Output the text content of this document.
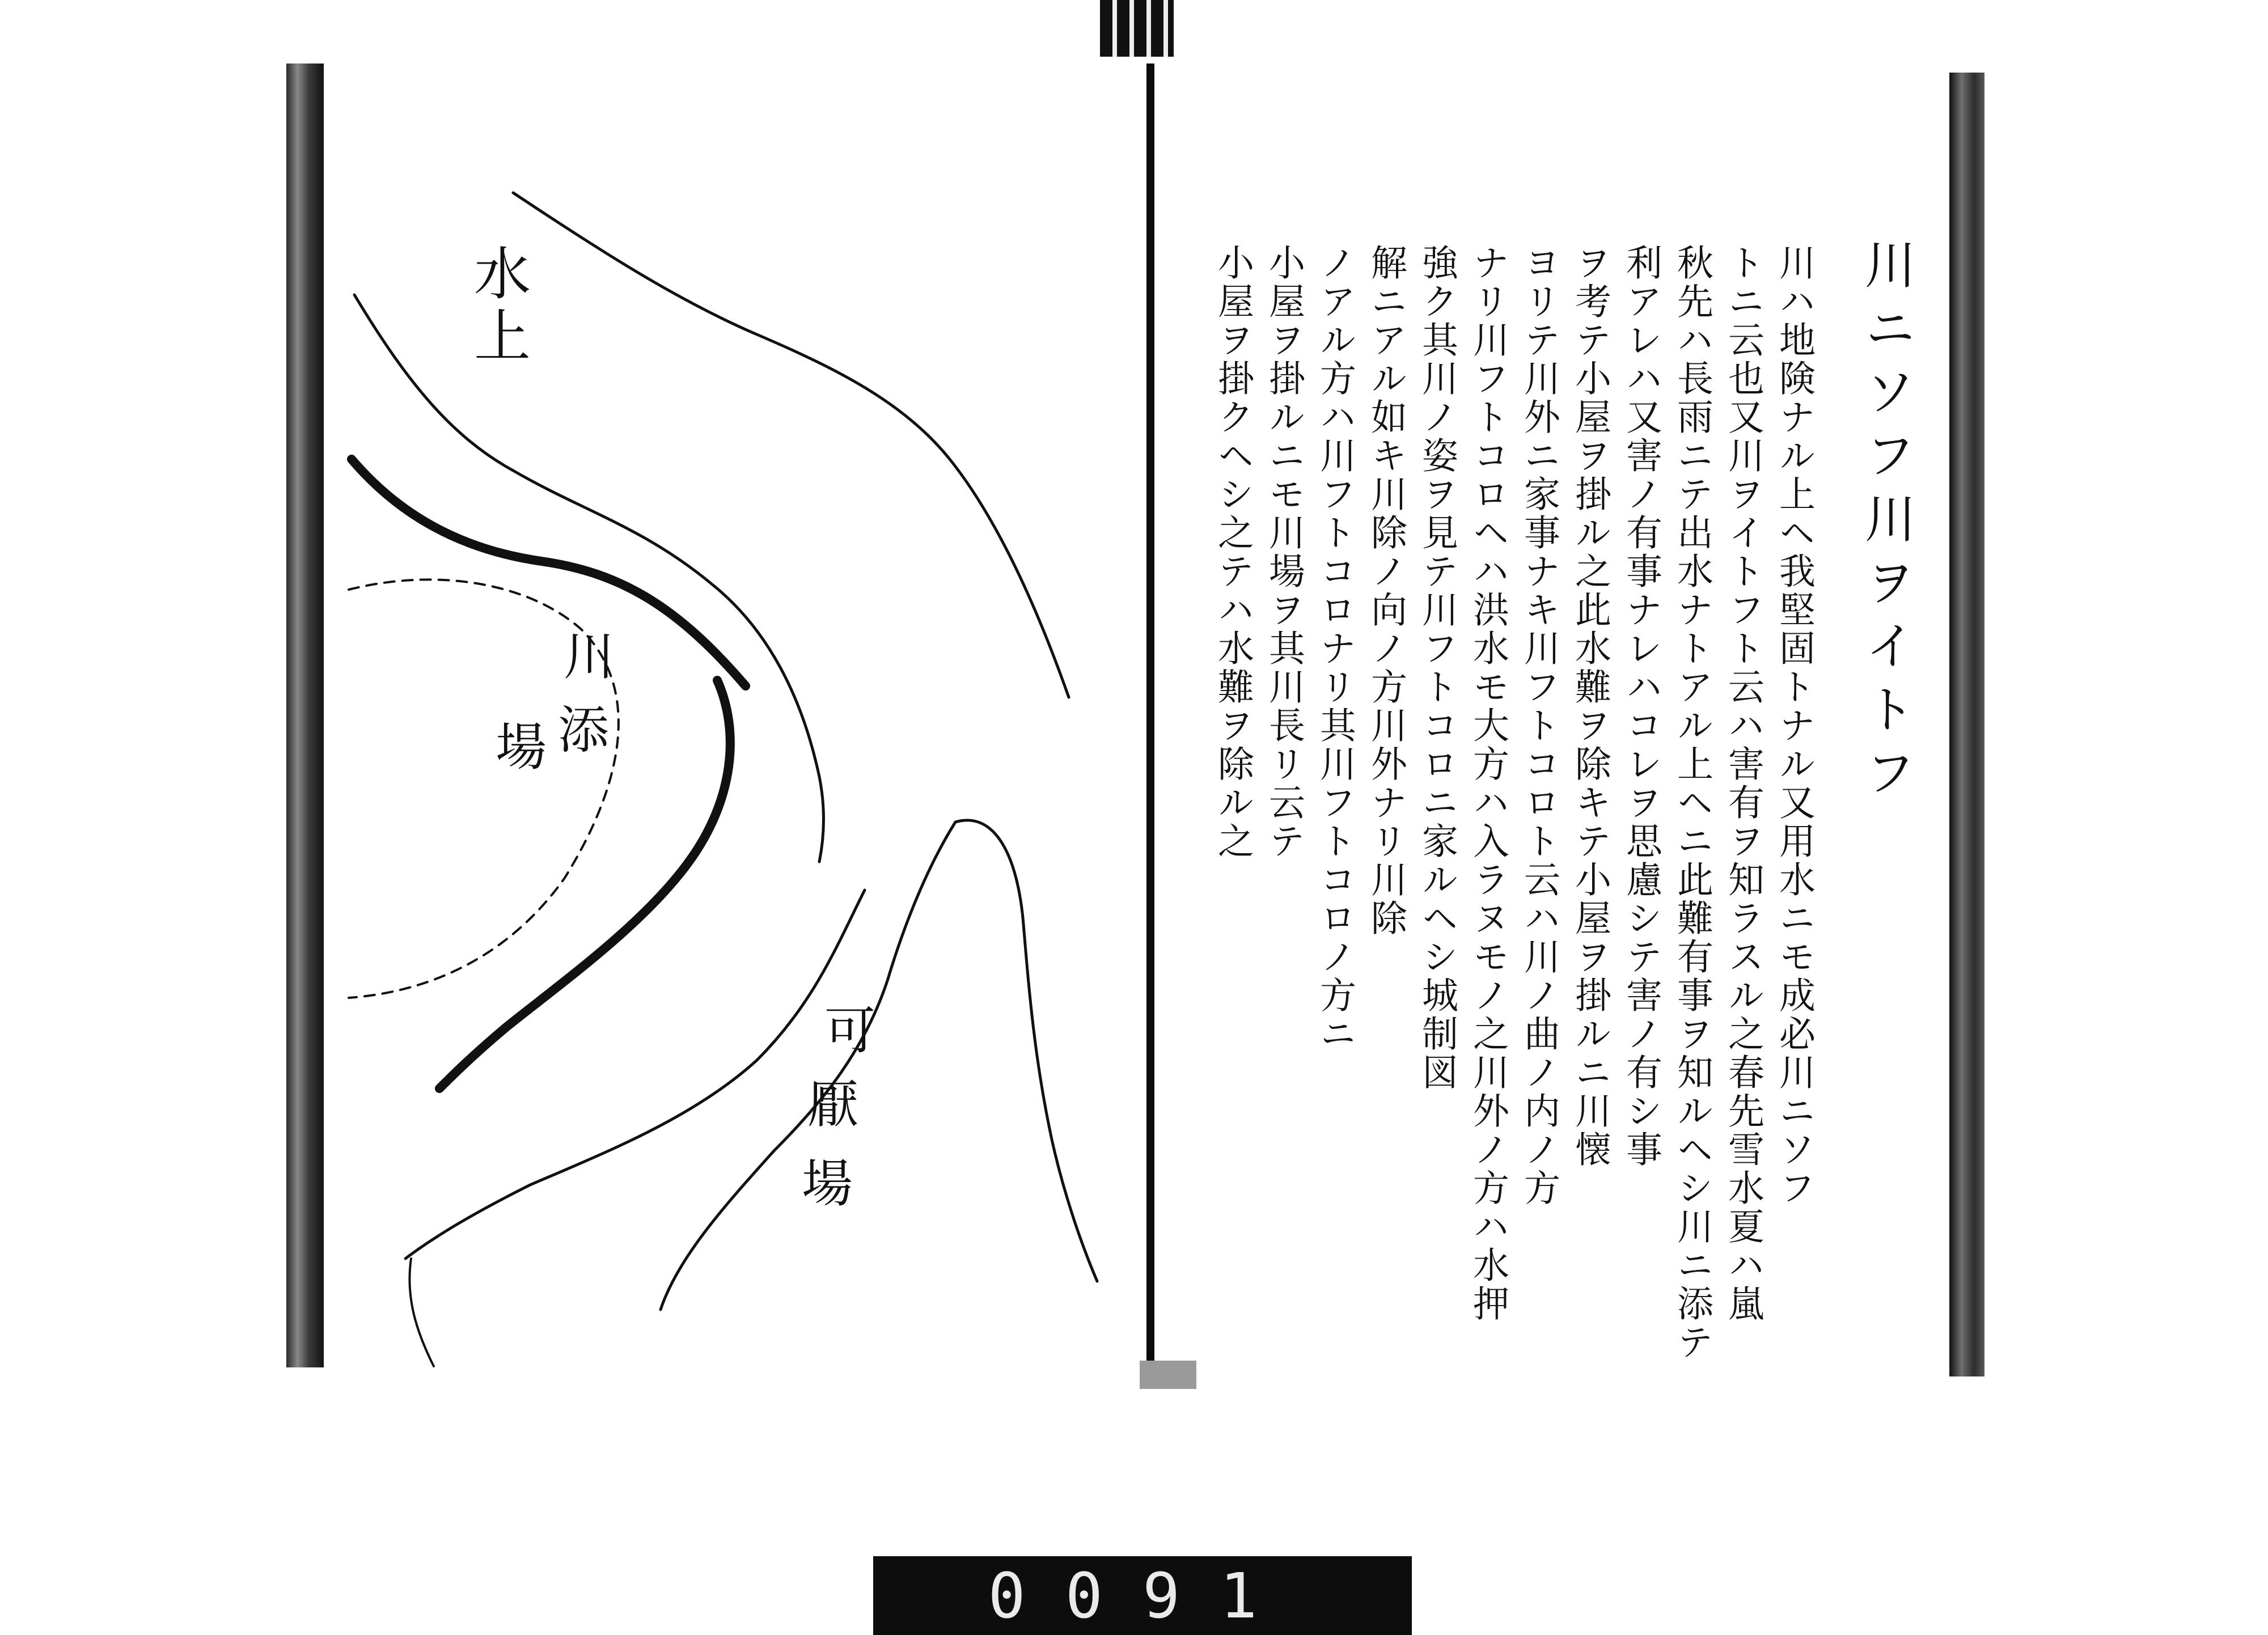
水上
川
添
場
可
厭
場
川ニソフ川ヲイトフ
川ハ地険ナル上ヘ我堅固トナル又用水ニモ成必川ニソフ
トニ云也又川ヲイトフト云ハ害有ヲ知ラスル之春先雪水夏ハ嵐
秋先ハ長雨ニテ出水ナトアル上ヘニ此難有事ヲ知ルヘシ川ニ添テ
利アレハ又害ノ有事ナレハコレヲ思慮シテ害ノ有シ事
ヲ考テ小屋ヲ掛ル之此水難ヲ除キテ小屋ヲ掛ルニ川懐
ヨリテ川外ニ家事ナキ川フトコロト云ハ川ノ曲ノ内ノ方
ナリ川フトコロヘハ洪水モ大方ハ入ラヌモノ之川外ノ方ハ水押
強ク其川ノ姿ヲ見テ川フトコロニ家ルヘシ城制図
解ニアル如キ川除ノ向ノ方川外ナリ川除
ノアル方ハ川フトコロナリ其川フトコロノ方ニ
小屋ヲ掛ルニモ川場ヲ其川長リ云テ
小屋ヲ掛クヘシ之テハ水難ヲ除ル之
0091
